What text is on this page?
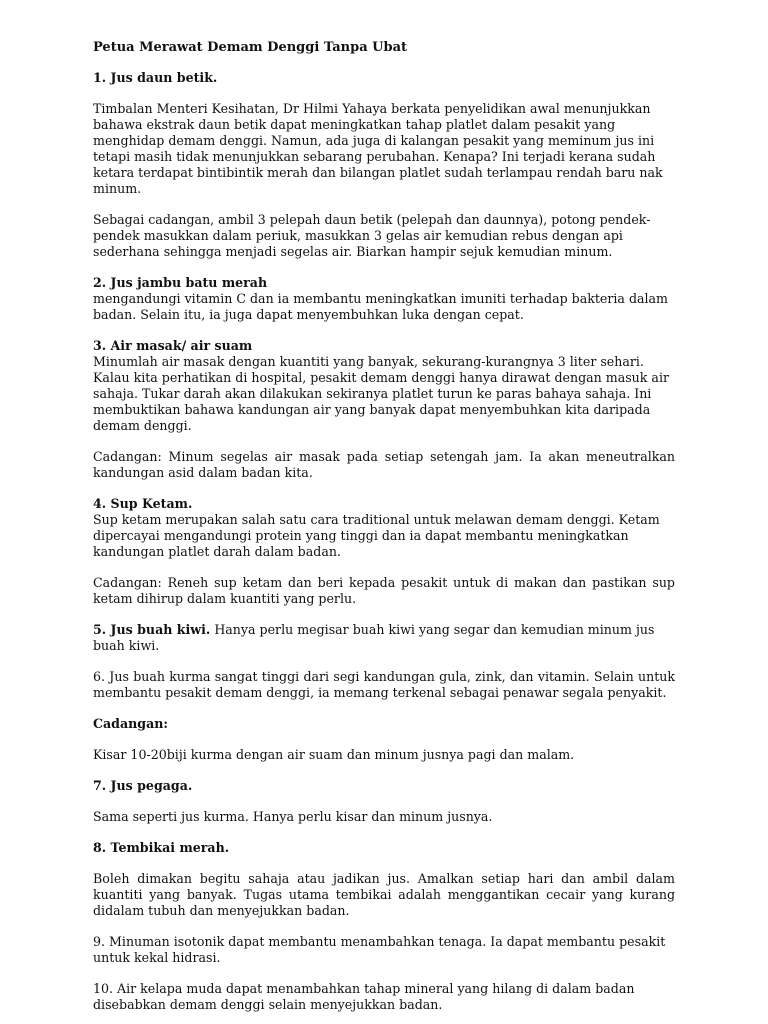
Petua Merawat Demam Denggi Tanpa Ubat

1. Jus daun betik.

Timbalan Menteri Kesihatan, Dr Hilmi Yahaya berkata penyelidikan awal menunjukkan bahawa ekstrak daun betik dapat meningkatkan tahap platlet dalam pesakit yang menghidap demam denggi. Namun, ada juga di kalangan pesakit yang meminum jus ini tetapi masih tidak menunjukkan sebarang perubahan. Kenapa? Ini terjadi kerana sudah ketara terdapat bintibintik merah dan bilangan platlet sudah terlampau rendah baru nak minum.

Sebagai cadangan, ambil 3 pelepah daun betik (pelepah dan daunnya), potong pendek-pendek masukkan dalam periuk, masukkan 3 gelas air kemudian rebus dengan api sederhana sehingga menjadi segelas air. Biarkan hampir sejuk kemudian minum.

2. Jus jambu batu merah

mengandungi vitamin C dan ia membantu meningkatkan imuniti terhadap bakteria dalam badan. Selain itu, ia juga dapat menyembuhkan luka dengan cepat.

3. Air masak/ air suam

Minumlah air masak dengan kuantiti yang banyak, sekurang-kurangnya 3 liter sehari. Kalau kita perhatikan di hospital, pesakit demam denggi hanya dirawat dengan masuk air sahaja. Tukar darah akan dilakukan sekiranya platlet turun ke paras bahaya sahaja. Ini membuktikan bahawa kandungan air yang banyak dapat menyembuhkan kita daripada demam denggi.

Cadangan: Minum segelas air masak pada setiap setengah jam. Ia akan meneutralkan kandungan asid dalam badan kita.

4. Sup Ketam.

Sup ketam merupakan salah satu cara traditional untuk melawan demam denggi. Ketam dipercayai mengandungi protein yang tinggi dan ia dapat membantu meningkatkan kandungan platlet darah dalam badan.

Cadangan: Reneh sup ketam dan beri kepada pesakit untuk di makan dan pastikan sup ketam dihirup dalam kuantiti yang perlu.

5. Jus buah kiwi. Hanya perlu megisar buah kiwi yang segar dan kemudian minum jus buah kiwi.

6. Jus buah kurma sangat tinggi dari segi kandungan gula, zink, dan vitamin. Selain untuk membantu pesakit demam denggi, ia memang terkenal sebagai penawar segala penyakit.

Cadangan:

Kisar 10-20biji kurma dengan air suam dan minum jusnya pagi dan malam.

7. Jus pegaga.

Sama seperti jus kurma. Hanya perlu kisar dan minum jusnya.

8. Tembikai merah.

Boleh dimakan begitu sahaja atau jadikan jus. Amalkan setiap hari dan ambil dalam kuantiti yang banyak. Tugas utama tembikai adalah menggantikan cecair yang kurang didalam tubuh dan menyejukkan badan.

9. Minuman isotonik dapat membantu menambahkan tenaga. Ia dapat membantu pesakit untuk kekal hidrasi.

10. Air kelapa muda dapat menambahkan tahap mineral yang hilang di dalam badan disebabkan demam denggi selain menyejukkan badan.
